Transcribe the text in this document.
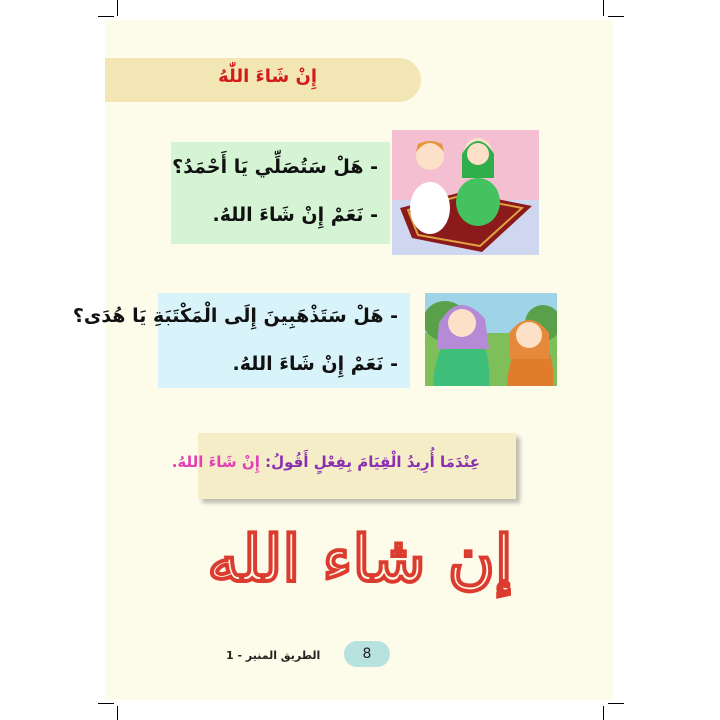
إِنْ شَاءَ اللّٰهُ
- هَلْ سَتُصَلِّي يَا أَحْمَدُ؟
- نَعَمْ إِنْ شَاءَ اللهُ.
- هَلْ سَتَذْهَبِينَ إِلَى الْمَكْتَبَةِ يَا هُدَى؟
- نَعَمْ إِنْ شَاءَ اللهُ.
عِنْدَمَا أُرِيدُ الْقِيَامَ بِفِعْلٍ أَقُولُ: إِنْ شَاءَ اللهُ.
إن شاء الله
8
الطريق المنير - 1
